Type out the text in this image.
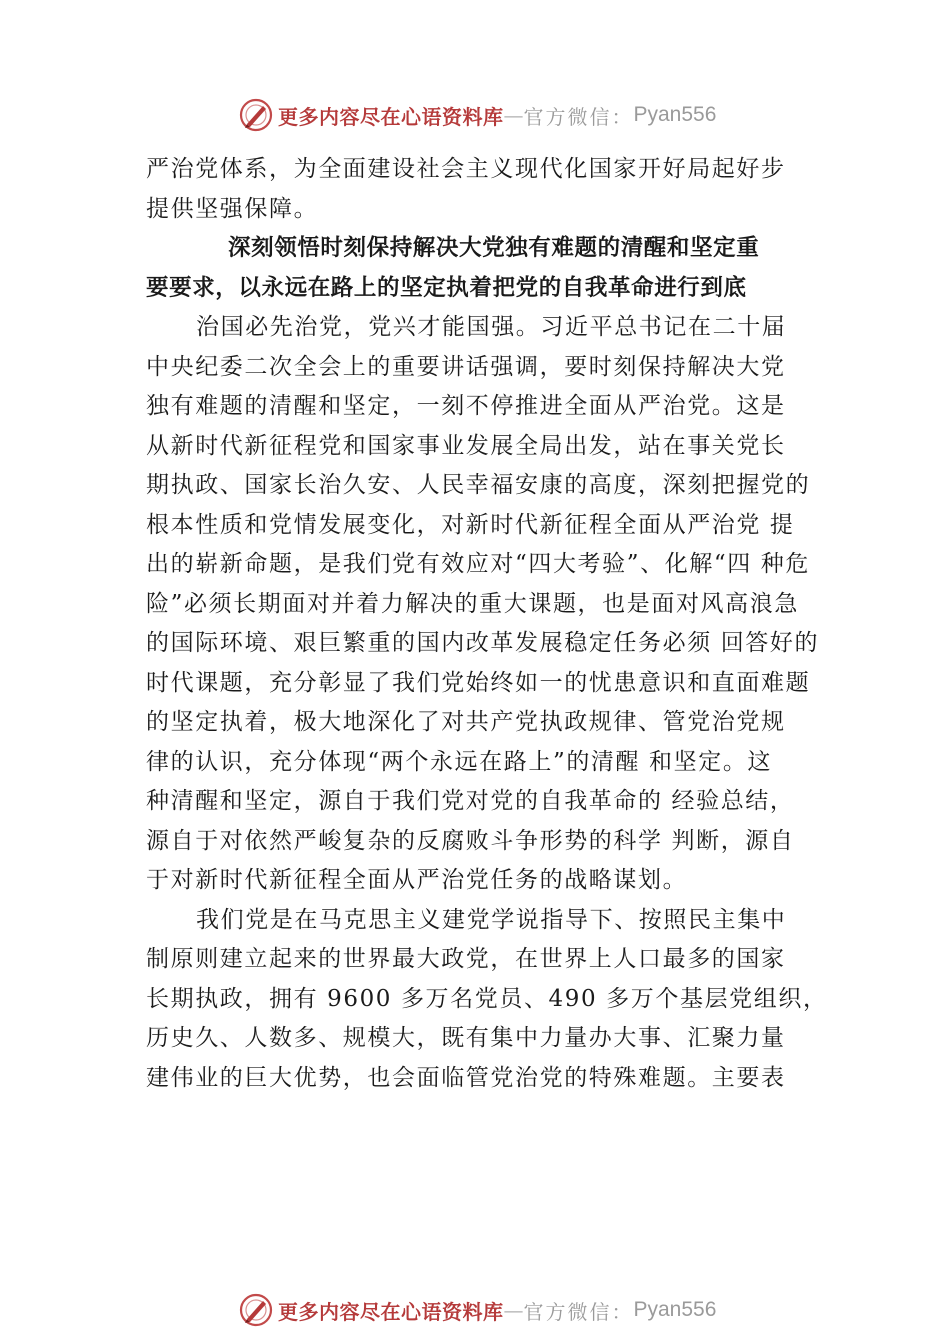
更多内容尽在心语资料库 — 官方微信： Pyan556
严治党体系，为全面建设社会主义现代化国家开好局起好步
提供坚强保障。
深刻领悟时刻保持解决大党独有难题的清醒和坚定重
要要求，以永远在路上的坚定执着把党的自我革命进行到底
治国必先治党，党兴才能国强。习近平总书记在二十届
中央纪委二次全会上的重要讲话强调，要时刻保持解决大党
独有难题的清醒和坚定，一刻不停推进全面从严治党。这是
从新时代新征程党和国家事业发展全局出发，站在事关党长
期执政、国家长治久安、人民幸福安康的高度，深刻把握党的
根本性质和党情发展变化，对新时代新征程全面从严治党 提
出的崭新命题，是我们党有效应对“四大考验”、化解“四 种危
险”必须长期面对并着力解决的重大课题，也是面对风高浪急
的国际环境、艰巨繁重的国内改革发展稳定任务必须 回答好的
时代课题，充分彰显了我们党始终如一的忧患意识和直面难题
的坚定执着，极大地深化了对共产党执政规律、管党治党规
律的认识，充分体现“两个永远在路上”的清醒 和坚定。这
种清醒和坚定，源自于我们党对党的自我革命的 经验总结，
源自于对依然严峻复杂的反腐败斗争形势的科学 判断，源自
于对新时代新征程全面从严治党任务的战略谋划。
我们党是在马克思主义建党学说指导下、按照民主集中
制原则建立起来的世界最大政党，在世界上人口最多的国家
长期执政，拥有 9600 多万名党员、490 多万个基层党组织，
历史久、人数多、规模大，既有集中力量办大事、汇聚力量
建伟业的巨大优势，也会面临管党治党的特殊难题。主要表
更多内容尽在心语资料库 — 官方微信： Pyan556
